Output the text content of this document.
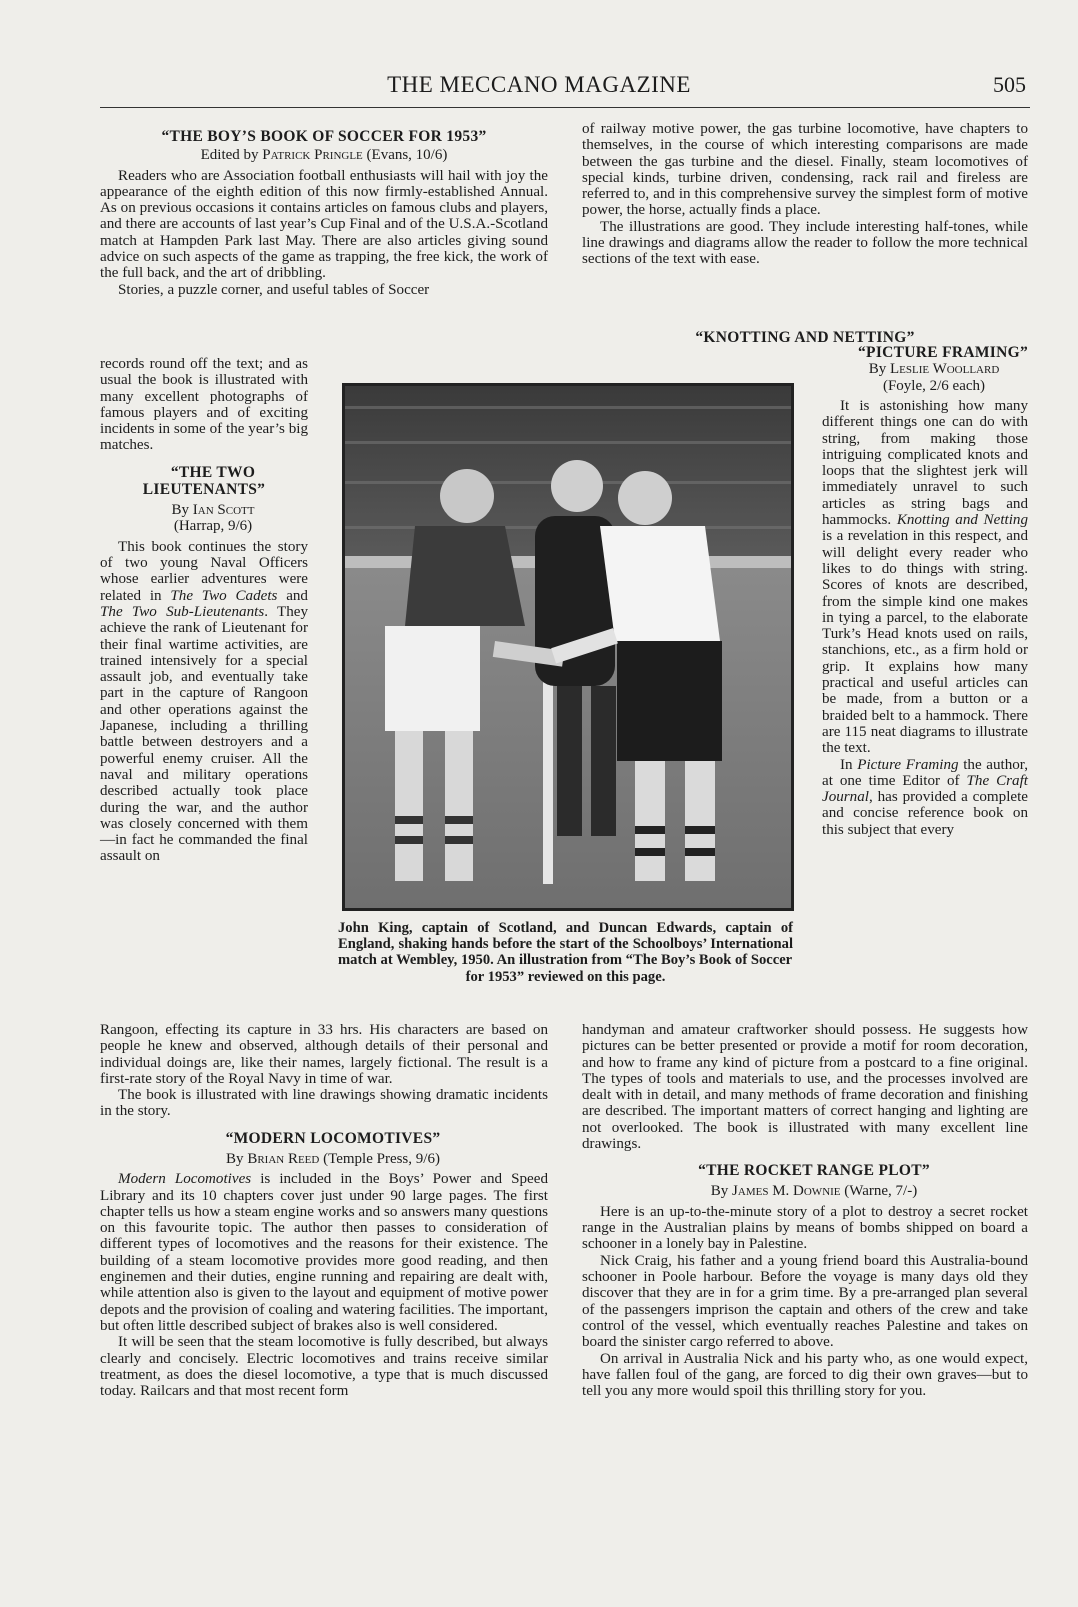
THE MECCANO MAGAZINE	505

“THE BOY’S BOOK OF SOCCER FOR 1953”

Edited by Patrick Pringle (Evans, 10/6)

Readers who are Association football enthusiasts will hail with joy the appearance of the eighth edition of this now firmly-established Annual. As on previous occasions it contains articles on famous clubs and players, and there are accounts of last year’s Cup Final and of the U.S.A.-Scotland match at Hampden Park last May. There are also articles giving sound advice on such aspects of the game as trapping, the free kick, the work of the full back, and the art of dribbling.

Stories, a puzzle corner, and useful tables of Soccer

records round off the text; and as usual the book is illustrated with many excellent photographs of famous players and of exciting incidents in some of the year’s big matches.

“THE TWO LIEUTENANTS”

By Ian Scott

(Harrap, 9/6)

This book continues the story of two young Naval Officers whose earlier adventures were related in The Two Cadets and The Two Sub-Lieutenants. They achieve the rank of Lieutenant for their final wartime activities, are trained intensively for a special assault job, and eventually take part in the capture of Rangoon and other operations against the Japanese, including a thrilling battle between destroyers and a powerful enemy cruiser. All the naval and military operations described actually took place during the war, and the author was closely concerned with them—in fact he commanded the final assault on

John King, captain of Scotland, and Duncan Edwards, captain of England, shaking hands before the start of the Schoolboys’ International match at Wembley, 1950. An illustration from “The Boy’s Book of Soccer
for 1953” reviewed on this page.

Rangoon, effecting its capture in 33 hrs. His characters are based on people he knew and observed, although details of their personal and individual doings are, like their names, largely fictional. The result is a first-rate story of the Royal Navy in time of war.

The book is illustrated with line drawings showing dramatic incidents in the story.

“MODERN LOCOMOTIVES”

By Brian Reed (Temple Press, 9/6)

Modern Locomotives is included in the Boys’ Power and Speed Library and its 10 chapters cover just under 90 large pages. The first chapter tells us how a steam engine works and so answers many questions on this favourite topic. The author then passes to consideration of different types of locomotives and the reasons for their existence. The building of a steam locomotive provides more good reading, and then enginemen and their duties, engine running and repairing are dealt with, while attention also is given to the layout and equipment of motive power depots and the provision of coaling and watering facilities. The important, but often little described subject of brakes also is well considered.

It will be seen that the steam locomotive is fully described, but always clearly and concisely. Electric locomotives and trains receive similar treatment, as does the diesel locomotive, a type that is much discussed today. Railcars and that most recent form

of railway motive power, the gas turbine locomotive, have chapters to themselves, in the course of which interesting comparisons are made between the gas turbine and the diesel. Finally, steam locomotives of special kinds, turbine driven, condensing, rack rail and fireless are referred to, and in this comprehensive survey the simplest form of motive power, the horse, actually finds a place.

The illustrations are good. They include interesting half-tones, while line drawings and diagrams allow the reader to follow the more technical sections of the text with ease.

“KNOTTING AND NETTING”

“PICTURE FRAMING”

By Leslie Woollard

(Foyle, 2/6 each)

It is astonishing how many different things one can do with string, from making those intriguing complicated knots and loops that the slightest jerk will immediately unravel to such articles as string bags and hammocks. Knotting and Netting is a revelation in this respect, and will delight every reader who likes to do things with string. Scores of knots are described, from the simple kind one makes in tying a parcel, to the elaborate Turk’s Head knots used on rails, stanchions, etc., as a firm hold or grip. It explains how many practical and useful articles can be made, from a button or a braided belt to a hammock. There are 115 neat diagrams to illustrate the text.

In Picture Framing the author, at one time Editor of The Craft Journal, has provided a complete and concise reference book on this subject that every

handyman and amateur craftworker should possess. He suggests how pictures can be better presented or provide a motif for room decoration, and how to frame any kind of picture from a postcard to a fine original. The types of tools and materials to use, and the processes involved are dealt with in detail, and many methods of frame decoration and finishing are described. The important matters of correct hanging and lighting are not overlooked. The book is illustrated with many excellent line drawings.

“THE ROCKET RANGE PLOT”

By James M. Downie (Warne, 7/-)

Here is an up-to-the-minute story of a plot to destroy a secret rocket range in the Australian plains by means of bombs shipped on board a schooner in a lonely bay in Palestine.

Nick Craig, his father and a young friend board this Australia-bound schooner in Poole harbour. Before the voyage is many days old they discover that they are in for a grim time. By a pre-arranged plan several of the passengers imprison the captain and others of the crew and take control of the vessel, which eventually reaches Palestine and takes on board the sinister cargo referred to above.

On arrival in Australia Nick and his party who, as one would expect, have fallen foul of the gang, are forced to dig their own graves—but to tell you any more would spoil this thrilling story for you.
